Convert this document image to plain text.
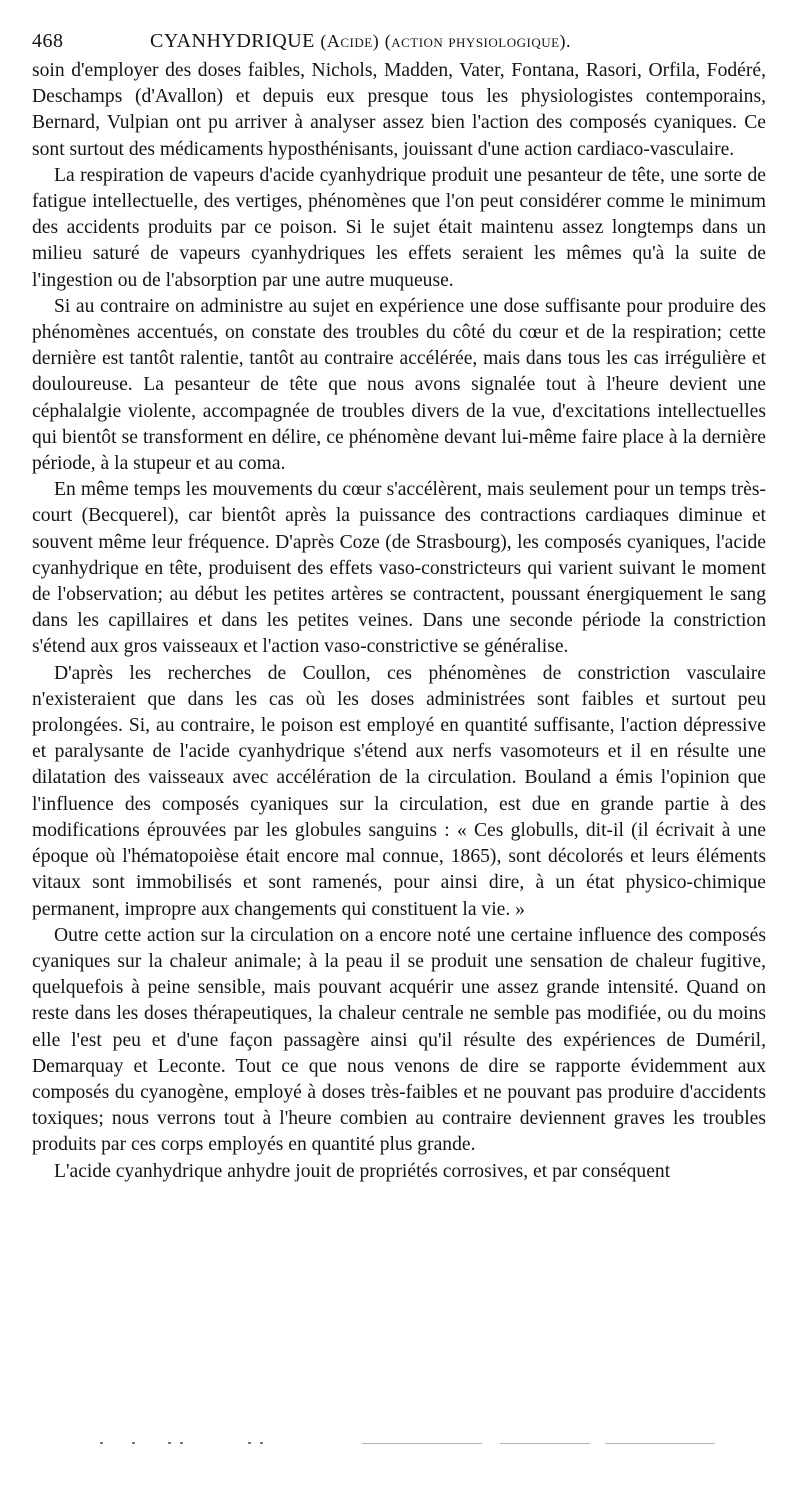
468	CYANHYDRIQUE (Acide) (action physiologique).

soin d'employer des doses faibles, Nichols, Madden, Vater, Fontana, Rasori, Orfila, Fodéré, Deschamps (d'Avallon) et depuis eux presque tous les physiologistes contemporains, Bernard, Vulpian ont pu arriver à analyser assez bien l'action des composés cyaniques. Ce sont surtout des médicaments hyposthénisants, jouissant d'une action cardiaco-vasculaire.

La respiration de vapeurs d'acide cyanhydrique produit une pesanteur de tête, une sorte de fatigue intellectuelle, des vertiges, phénomènes que l'on peut considérer comme le minimum des accidents produits par ce poison. Si le sujet était maintenu assez longtemps dans un milieu saturé de vapeurs cyanhydriques les effets seraient les mêmes qu'à la suite de l'ingestion ou de l'absorption par une autre muqueuse.

Si au contraire on administre au sujet en expérience une dose suffisante pour produire des phénomènes accentués, on constate des troubles du côté du cœur et de la respiration; cette dernière est tantôt ralentie, tantôt au contraire accélérée, mais dans tous les cas irrégulière et douloureuse. La pesanteur de tête que nous avons signalée tout à l'heure devient une céphalalgie violente, accompagnée de troubles divers de la vue, d'excitations intellectuelles qui bientôt se transforment en délire, ce phénomène devant lui-même faire place à la dernière période, à la stupeur et au coma.

En même temps les mouvements du cœur s'accélèrent, mais seulement pour un temps très-court (Becquerel), car bientôt après la puissance des contractions cardiaques diminue et souvent même leur fréquence. D'après Coze (de Strasbourg), les composés cyaniques, l'acide cyanhydrique en tête, produisent des effets vaso-constricteurs qui varient suivant le moment de l'observation; au début les petites artères se contractent, poussant énergiquement le sang dans les capillaires et dans les petites veines. Dans une seconde période la constriction s'étend aux gros vaisseaux et l'action vaso-constrictive se généralise.

D'après les recherches de Coullon, ces phénomènes de constriction vasculaire n'existeraient que dans les cas où les doses administrées sont faibles et surtout peu prolongées. Si, au contraire, le poison est employé en quantité suffisante, l'action dépressive et paralysante de l'acide cyanhydrique s'étend aux nerfs vasomoteurs et il en résulte une dilatation des vaisseaux avec accélération de la circulation. Bouland a émis l'opinion que l'influence des composés cyaniques sur la circulation, est due en grande partie à des modifications éprouvées par les globules sanguins : « Ces globulls, dit-il (il écrivait à une époque où l'hématopoièse était encore mal connue, 1865), sont décolorés et leurs éléments vitaux sont immobilisés et sont ramenés, pour ainsi dire, à un état physico-chimique permanent, impropre aux changements qui constituent la vie. »

Outre cette action sur la circulation on a encore noté une certaine influence des composés cyaniques sur la chaleur animale; à la peau il se produit une sensation de chaleur fugitive, quelquefois à peine sensible, mais pouvant acquérir une assez grande intensité. Quand on reste dans les doses thérapeutiques, la chaleur centrale ne semble pas modifiée, ou du moins elle l'est peu et d'une façon passagère ainsi qu'il résulte des expériences de Duméril, Demarquay et Leconte. Tout ce que nous venons de dire se rapporte évidemment aux composés du cyanogène, employé à doses très-faibles et ne pouvant pas produire d'accidents toxiques; nous verrons tout à l'heure combien au contraire deviennent graves les troubles produits par ces corps employés en quantité plus grande.

L'acide cyanhydrique anhydre jouit de propriétés corrosives, et par conséquent
